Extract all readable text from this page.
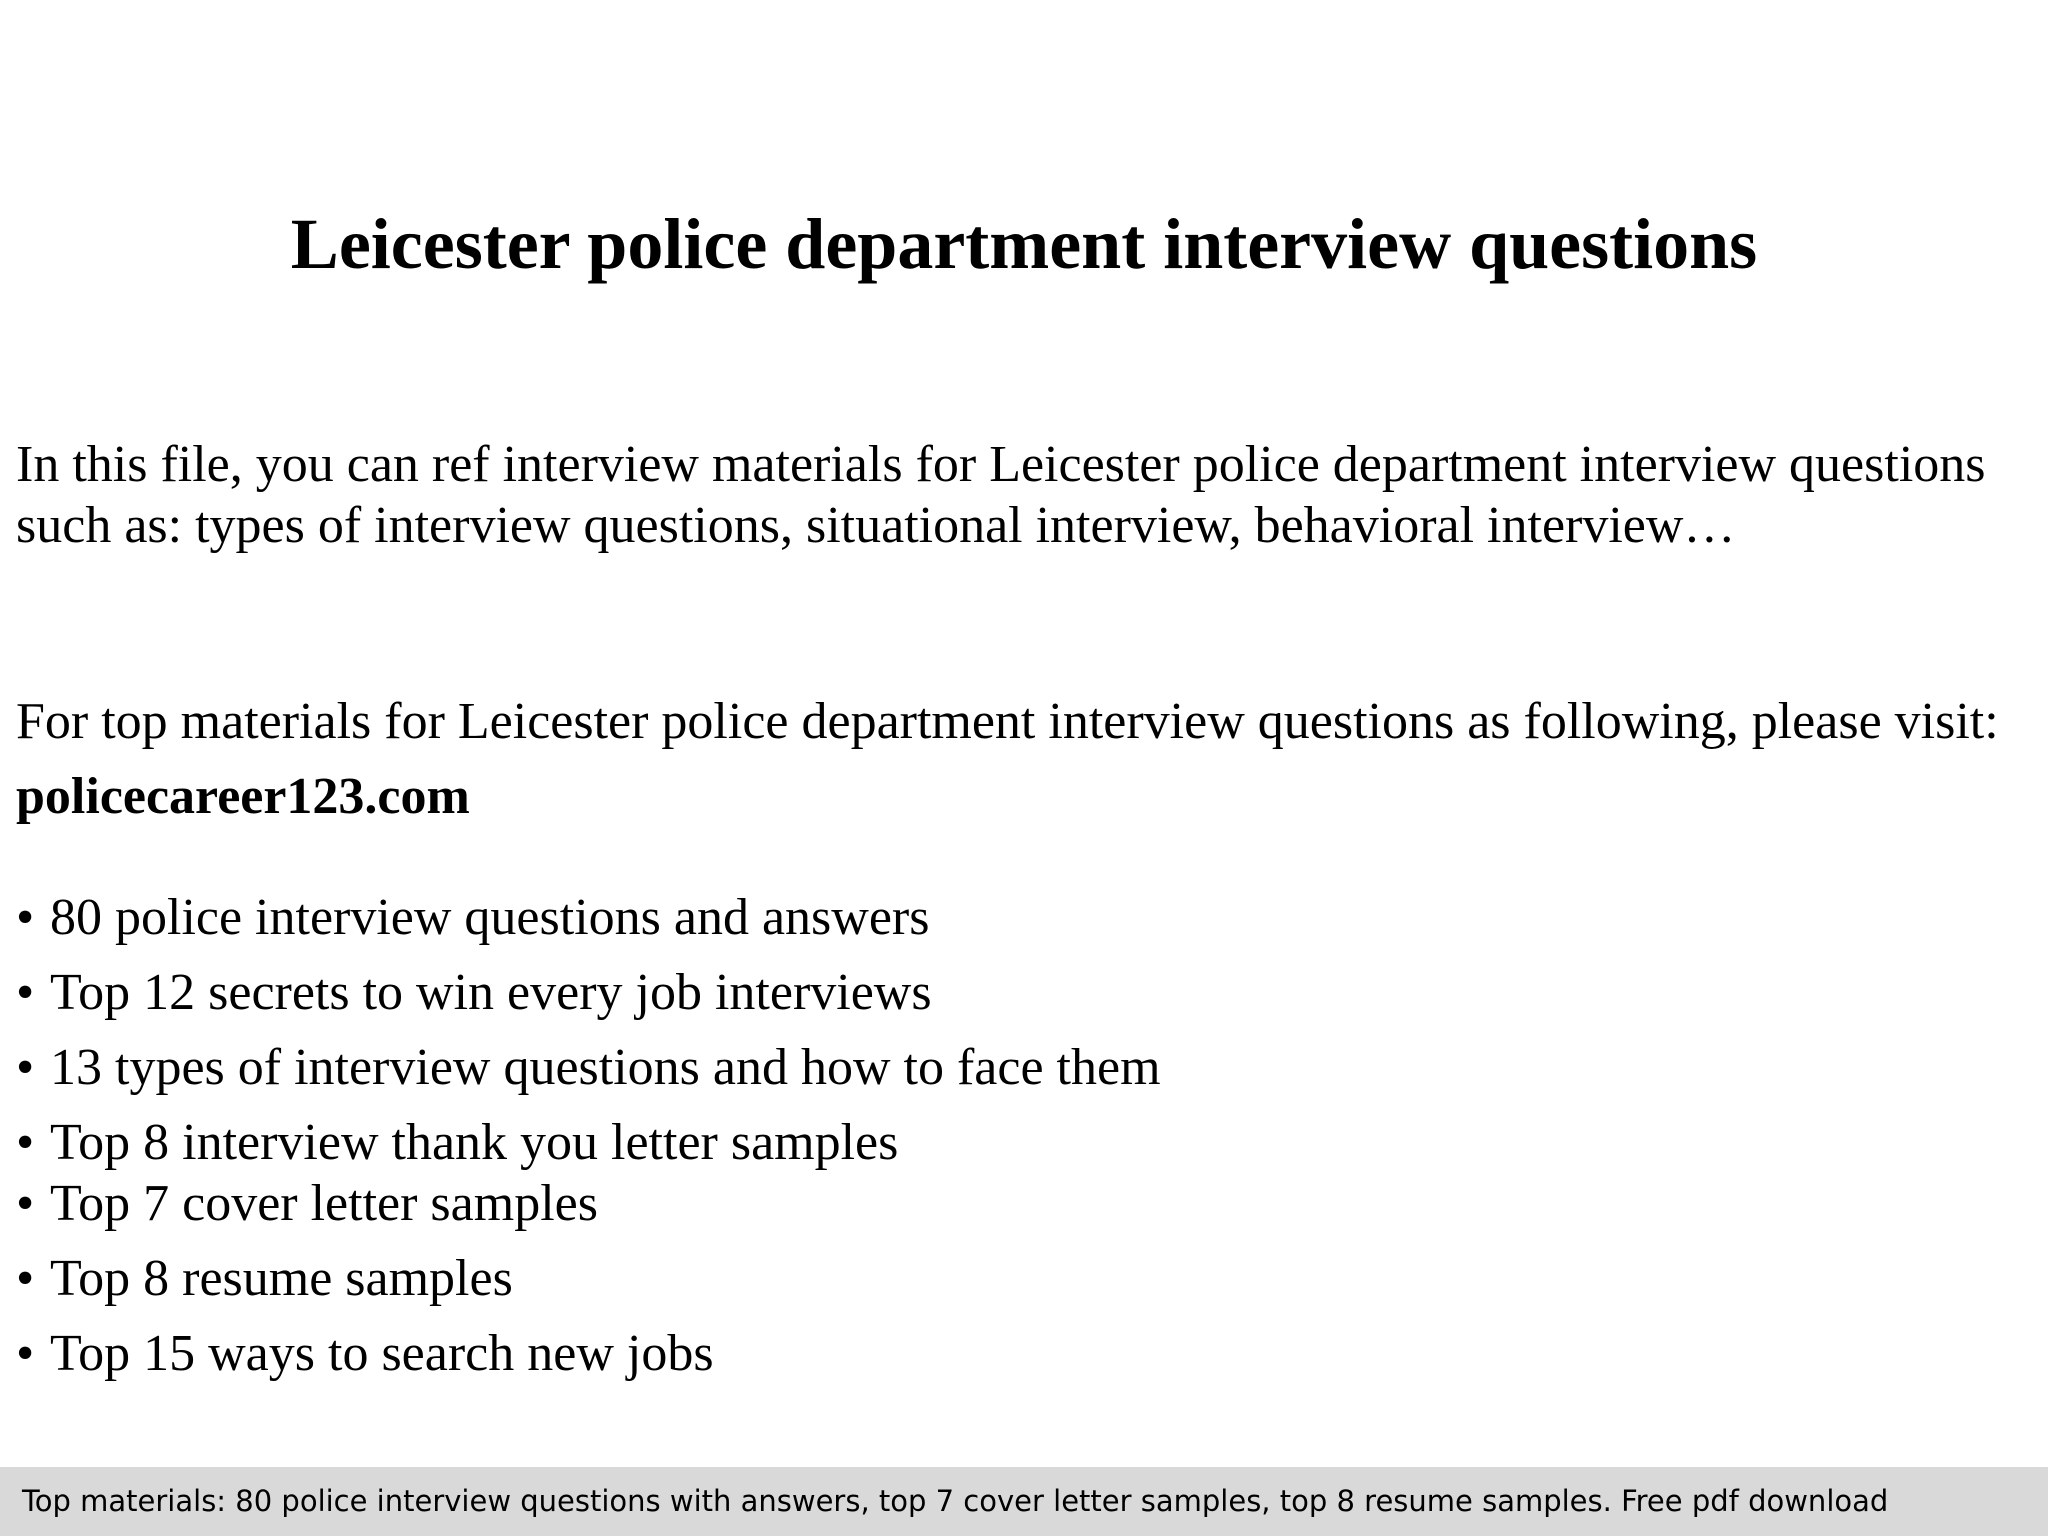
Leicester police department interview questions

In this file, you can ref interview materials for Leicester police department interview questions such as: types of interview questions, situational interview, behavioral interview…

For top materials for Leicester police department interview questions as following, please visit: policecareer123.com

• 80 police interview questions and answers
• Top 12 secrets to win every job interviews
• 13 types of interview questions and how to face them
• Top 8 interview thank you letter samples
• Top 7 cover letter samples
• Top 8 resume samples
• Top 15 ways to search new jobs
Top materials: 80 police interview questions with answers, top 7 cover letter samples, top 8 resume samples. Free pdf download
